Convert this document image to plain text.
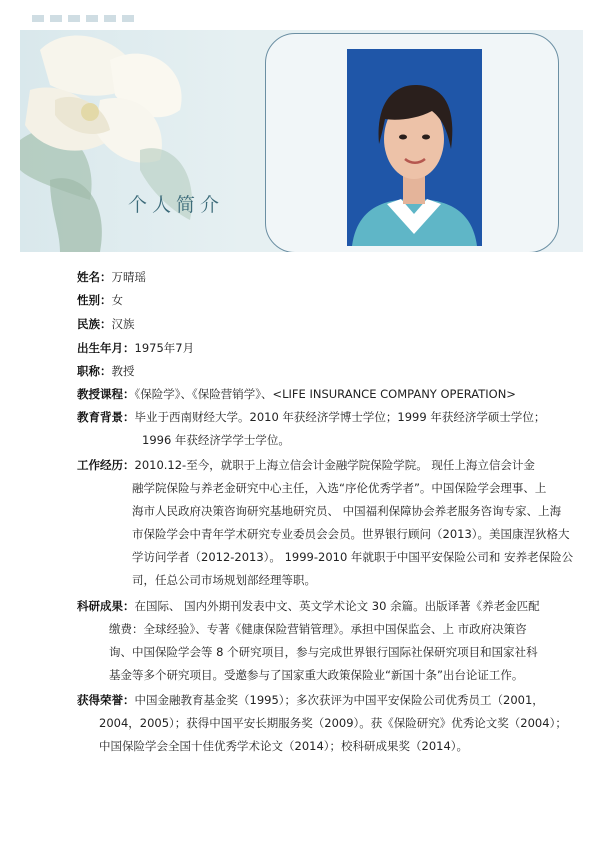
个人简介
姓名：万晴瑶
性别：女
民族：汉族
出生年月：1975年7月
职称：教授
教授课程：《保险学》、《保险营销学》、<LIFE INSURANCE COMPANY OPERATION>
教育背景：毕业于西南财经大学。2010 年获经济学博士学位；1999 年获经济学硕士学位；
1996 年获经济学学士学位。
工作经历：2010.12-至今，就职于上海立信会计金融学院保险学院。 现任上海立信会计金
融学院保险与养老金研究中心主任，入选“序伦优秀学者”。中国保险学会理事、上
海市人民政府决策咨询研究基地研究员、 中国福利保障协会养老服务咨询专家、上海
市保险学会中青年学术研究专业委员会会员。世界银行顾问（2013）。美国康涅狄格大
学访问学者（2012-2013）。 1999-2010 年就职于中国平安保险公司和 安养老保险公
司，任总公司市场规划部经理等职。
科研成果：在国际、 国内外期刊发表中文、英文学术论文 30 余篇。出版译著《养老金匹配
缴费：全球经验》、专著《健康保险营销管理》。承担中国保监会、上 市政府决策咨
询、中国保险学会等 8 个研究项目，参与完成世界银行国际社保研究项目和国家社科
基金等多个研究项目。受邀参与了国家重大政策保险业“新国十条”出台论证工作。
获得荣誉：中国金融教育基金奖（1995）；多次获评为中国平安保险公司优秀员工（2001，
2004，2005）；获得中国平安长期服务奖（2009）。获《保险研究》优秀论文奖（2004）；
中国保险学会全国十佳优秀学术论文（2014）；校科研成果奖（2014）。
